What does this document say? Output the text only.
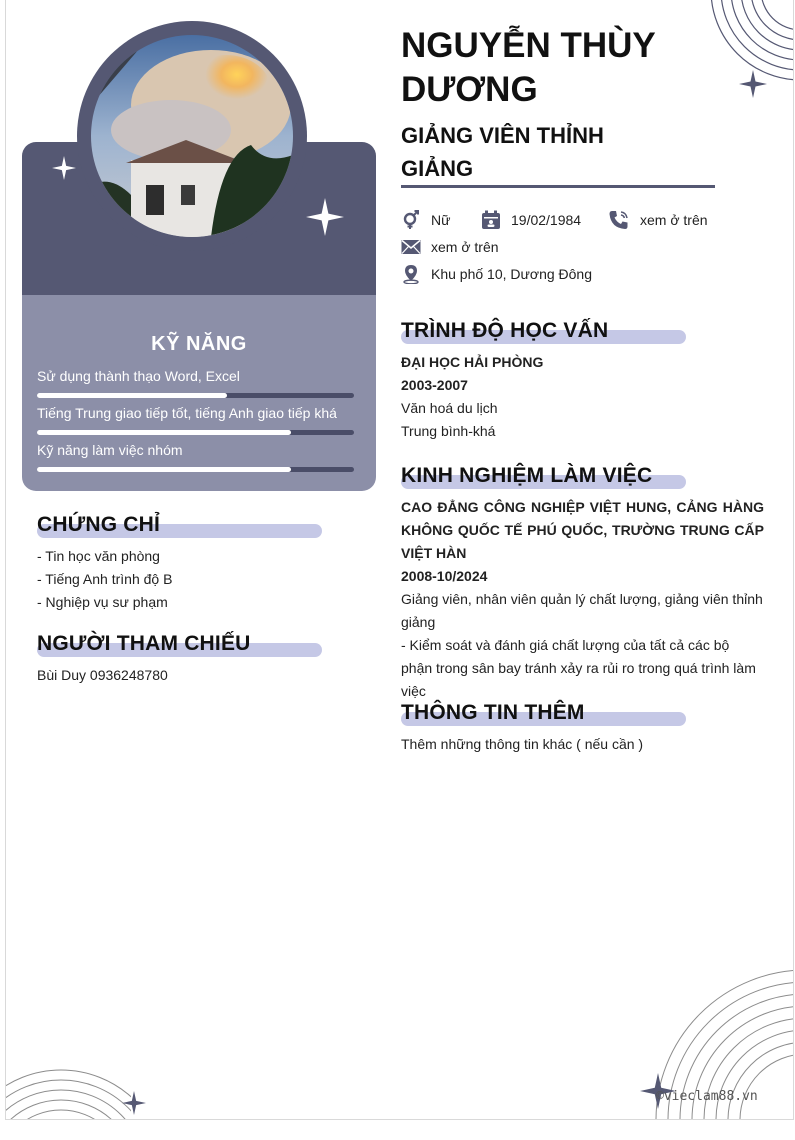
KỸ NĂNG
Sử dụng thành thạo Word, Excel
Tiếng Trung giao tiếp tốt, tiếng Anh giao tiếp khá
Kỹ năng làm việc nhóm
CHỨNG CHỈ
- Tin học văn phòng
- Tiếng Anh trình độ B
- Nghiệp vụ sư phạm
NGƯỜI THAM CHIẾU
Bùi Duy 0936248780
NGUYỄN THÙY DƯƠNG
GIẢNG VIÊN THỈNH GIẢNG
Nữ	19/02/1984	xem ở trên
xem ở trên
Khu phố 10, Dương Đông
TRÌNH ĐỘ HỌC VẤN
ĐẠI HỌC HẢI PHÒNG
2003-2007
Văn hoá du lịch
Trung bình-khá
KINH NGHIỆM LÀM VIỆC
CAO ĐẲNG CÔNG NGHIỆP VIỆT HUNG, CẢNG HÀNG KHÔNG QUỐC TẾ PHÚ QUỐC, TRƯỜNG TRUNG CẤP VIỆT HÀN
2008-10/2024
Giảng viên, nhân viên quản lý chất lượng, giảng viên thỉnh giảng
- Kiểm soát và đánh giá chất lượng của tất cả các bộ phận trong sân bay tránh xảy ra rủi ro trong quá trình làm việc
THÔNG TIN THÊM
Thêm những thông tin khác ( nếu cần )
©vieclam88.vn
